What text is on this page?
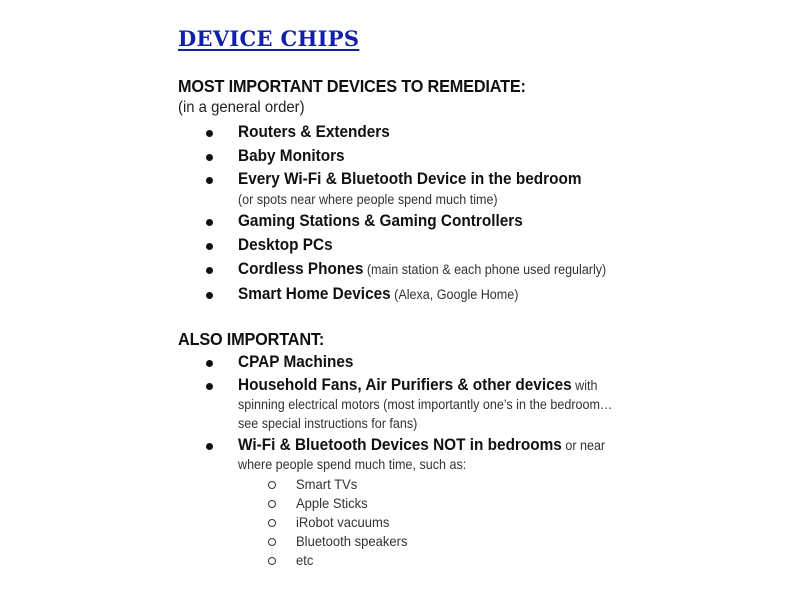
DEVICE CHIPS
MOST IMPORTANT DEVICES TO REMEDIATE:
(in a general order)
Routers & Extenders
Baby Monitors
Every Wi-Fi & Bluetooth Device in the bedroom
(or spots near where people spend much time)
Gaming Stations & Gaming Controllers
Desktop PCs
Cordless Phones (main station & each phone used regularly)
Smart Home Devices (Alexa, Google Home)
ALSO IMPORTANT:
CPAP Machines
Household Fans, Air Purifiers & other devices with
spinning electrical motors (most importantly one’s in the bedroom…
see special instructions for fans)
Wi-Fi & Bluetooth Devices NOT in bedrooms or near
where people spend much time, such as:
Smart TVs
Apple Sticks
iRobot vacuums
Bluetooth speakers
etc
